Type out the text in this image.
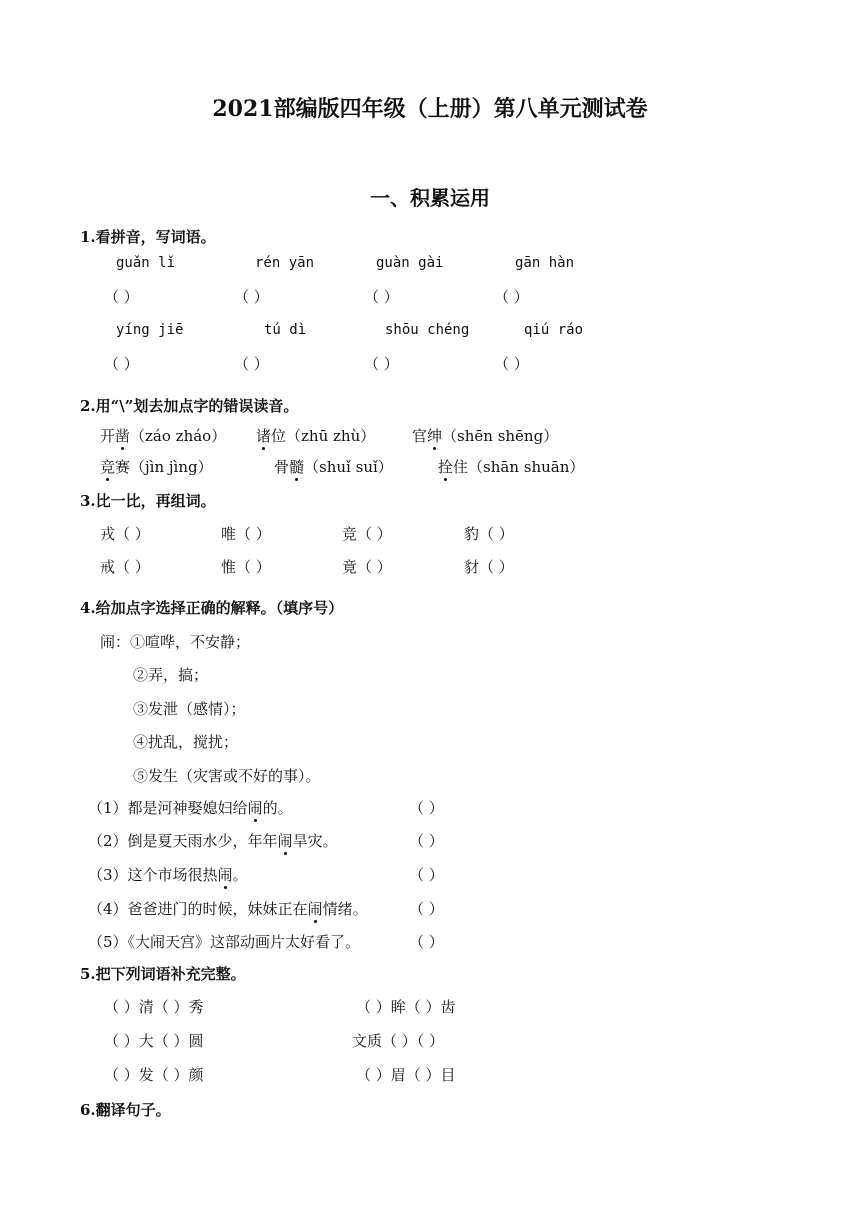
2021部编版四年级（上册）第八单元测试卷
一、积累运用
1.看拼音，写词语。
guǎn lǐ	rén yān	guàn gài	gān hàn
（ ）	（ ）	（ ）	（ ）
yíng jiē	tú dì	shōu chéng	qiú ráo
（ ）	（ ）	（ ）	（ ）
2.用“\”划去加点字的错误读音。
开凿（záo zháo） 诸位（zhū zhù） 官绅（shēn shēng）
竞赛（jìn jìng）	骨髓（shuǐ suǐ）	拴住（shān shuān）
3.比一比，再组词。
戎（ ）	唯（ ）	竞（ ）	豹（ ）
戒（ ）	惟（ ）	竟（ ）	豺（ ）
4.给加点字选择正确的解释。（填序号）
闹：①喧哗，不安静；
②弄，搞；
③发泄（感情）；
④扰乱，搅扰；
⑤发生（灾害或不好的事）。
（1）都是河神娶媳妇给闹的。	（ ）
（2）倒是夏天雨水少，年年闹旱灾。	（ ）
（3）这个市场很热闹。	（ ）
（4）爸爸进门的时候，妹妹正在闹情绪。	（ ）
（5）《大闹天宫》这部动画片太好看了。	（ ）
5.把下列词语补充完整。
（ ）清（ ）秀	（ ）眸（ ）齿
（ ）大（ ）圆	文质（ ）（ ）
（ ）发（ ）颜	（ ）眉（ ）目
6.翻译句子。
